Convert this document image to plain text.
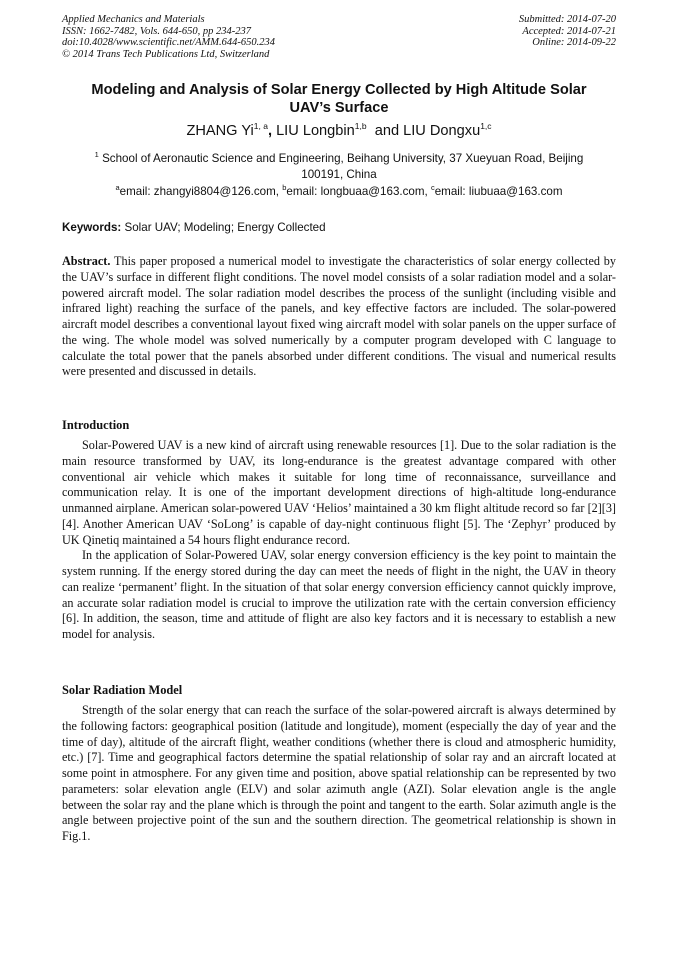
Applied Mechanics and Materials
ISSN: 1662-7482, Vols. 644-650, pp 234-237
doi:10.4028/www.scientific.net/AMM.644-650.234
© 2014 Trans Tech Publications Ltd, Switzerland
Submitted: 2014-07-20
Accepted: 2014-07-21
Online: 2014-09-22
Modeling and Analysis of Solar Energy Collected by High Altitude Solar
UAV’s Surface
ZHANG Yi$^{1, a}$, LIU Longbin$^{1,b}$  and LIU Dongxu$^{1,c}$
$^1$ School of Aeronautic Science and Engineering, Beihang University, 37 Xueyuan Road, Beijing
100191, China
$^a$email: zhangyi8804@126.com, $^b$email: longbuaa@163.com, $^c$email: liubuaa@163.com
Keywords: Solar UAV; Modeling; Energy Collected

Abstract. This paper proposed a numerical model to investigate the characteristics of solar energy collected by the UAV’s surface in different flight conditions. The novel model consists of a solar radiation model and a solar-powered aircraft model. The solar radiation model describes the process of the sunlight (including visible and infrared light) reaching the surface of the panels, and key effective factors are included. The solar-powered aircraft model describes a conventional layout fixed wing aircraft model with solar panels on the upper surface of the wing. The whole model was solved numerically by a computer program developed with C language to calculate the total power that the panels absorbed under different conditions. The visual and numerical results were presented and discussed in details.

Introduction

Solar-Powered UAV is a new kind of aircraft using renewable resources [1]. Due to the solar radiation is the main resource transformed by UAV, its long-endurance is the greatest advantage compared with other conventional air vehicle which makes it suitable for long time of reconnaissance, surveillance and communication relay. It is one of the important development directions of high-altitude long-endurance unmanned airplane. American solar-powered UAV ‘Helios’ maintained a 30 km flight altitude record so far [2][3][4]. Another American UAV ‘SoLong’ is capable of day-night continuous flight [5]. The ‘Zephyr’ produced by UK Qinetiq maintained a 54 hours flight endurance record.

In the application of Solar-Powered UAV, solar energy conversion efficiency is the key point to maintain the system running. If the energy stored during the day can meet the needs of flight in the night, the UAV in theory can realize ‘permanent’ flight. In the situation of that solar energy conversion efficiency cannot quickly improve, an accurate solar radiation model is crucial to improve the utilization rate with the certain conversion efficiency [6]. In addition, the season, time and attitude of flight are also key factors and it is necessary to establish a new model for analysis.

Solar Radiation Model

Strength of the solar energy that can reach the surface of the solar-powered aircraft is always determined by the following factors: geographical position (latitude and longitude), moment (especially the day of year and the time of day), altitude of the aircraft flight, weather conditions (whether there is cloud and atmospheric humidity, etc.) [7]. Time and geographical factors determine the spatial relationship of solar ray and an aircraft located at some point in atmosphere. For any given time and position, above spatial relationship can be represented by two parameters: solar elevation angle (ELV) and solar azimuth angle (AZI). Solar elevation angle is the angle between the solar ray and the plane which is through the point and tangent to the earth. Solar azimuth angle is the angle between projective point of the sun and the southern direction. The geometrical relationship is shown in Fig.1.
